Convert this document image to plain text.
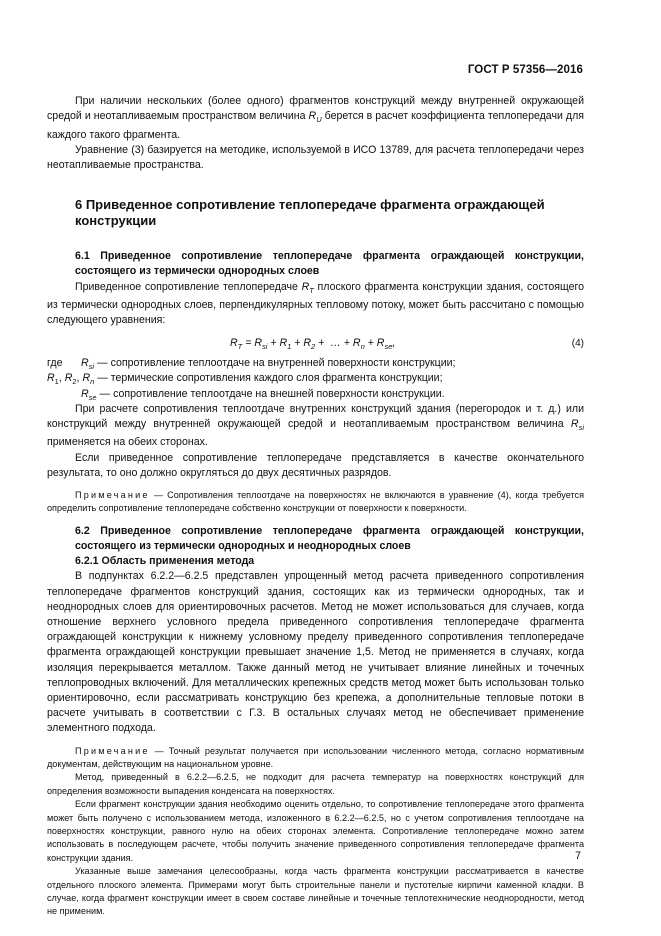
ГОСТ Р 57356—2016

При наличии нескольких (более одного) фрагментов конструкций между внутренней окружающей средой и неотапливаемым пространством величина $R_U$ берется в расчет коэффициента теплопередачи для каждого такого фрагмента.

Уравнение (3) базируется на методике, используемой в ИСО 13789, для расчета теплопередачи через неотапливаемые пространства.

6 Приведенное сопротивление теплопередаче фрагмента ограждающей конструкции

6.1 Приведенное сопротивление теплопередаче фрагмента ограждающей конструкции, состоящего из термически однородных слоев

Приведенное сопротивление теплопередаче $R_T$ плоского фрагмента конструкции здания, состоящего из термически однородных слоев, перпендикулярных тепловому потоку, может быть рассчитано с помощью следующего уравнения:

$R_T = R_{si} + R_1 + R_2$ +  … + $R_n + R_{se}$,	(4)
где $R_{si}$ — сопротивление теплоотдаче на внутренней поверхности конструкции;
$R_1$, $R_2$, $R_n$ — термические сопротивления каждого слоя фрагмента конструкции;
$R_{se}$ — сопротивление теплоотдаче на внешней поверхности конструкции.

При расчете сопротивления теплоотдаче внутренних конструкций здания (перегородок и т. д.) или конструкций между внутренней окружающей средой и неотапливаемым пространством величина $R_{si}$ применяется на обеих сторонах.

Если приведенное сопротивление теплопередаче представляется в качестве окончательного результата, то оно должно округляться до двух десятичных разрядов.

Примечание — Сопротивления теплоотдаче на поверхностях не включаются в уравнение (4), когда требуется определить сопротивление теплопередаче собственно конструкции от поверхности к поверхности.

6.2 Приведенное сопротивление теплопередаче фрагмента ограждающей конструкции, состоящего из термически однородных и неоднородных слоев

6.2.1 Область применения метода

В подпунктах 6.2.2—6.2.5 представлен упрощенный метод расчета приведенного сопротивления теплопередаче фрагментов конструкций здания, состоящих как из термически однородных, так и неоднородных слоев для ориентировочных расчетов. Метод не может использоваться для случаев, когда отношение верхнего условного предела приведенного сопротивления теплопередаче фрагмента ограждающей конструкции к нижнему условному пределу приведенного сопротивления теплопередаче фрагмента ограждающей конструкции превышает значение 1,5. Метод не применяется в случаях, когда изоляция перекрывается металлом. Также данный метод не учитывает влияние линейных и точечных теплопроводных включений. Для металлических крепежных средств метод может быть использован только ориентировочно, если рассматривать конструкцию без крепежа, а дополнительные тепловые потоки в расчете учитывать в соответствии с Г.3. В остальных случаях метод не обеспечивает применение элементного подхода.

Примечание — Точный результат получается при использовании численного метода, согласно нормативным документам, действующим на национальном уровне.

Метод, приведенный в 6.2.2—6.2.5, не подходит для расчета температур на поверхностях конструкций для определения возможности выпадения конденсата на поверхностях.

Если фрагмент конструкции здания необходимо оценить отдельно, то сопротивление теплопередаче этого фрагмента может быть получено с использованием метода, изложенного в 6.2.2—6.2.5, но с учетом сопротивления теплоотдаче на поверхностях конструкции, равного нулю на обеих сторонах элемента. Сопротивление теплопередаче можно затем использовать в последующем расчете, чтобы получить значение приведенного сопротивления теплопередаче фрагмента конструкции здания.

Указанные выше замечания целесообразны, когда часть фрагмента конструкции рассматривается в качестве отдельного плоского элемента. Примерами могут быть строительные панели и пустотелые кирпичи каменной кладки. В случае, когда фрагмент конструкции имеет в своем составе линейные и точечные теплотехнические неоднородности, метод не применим.

7
